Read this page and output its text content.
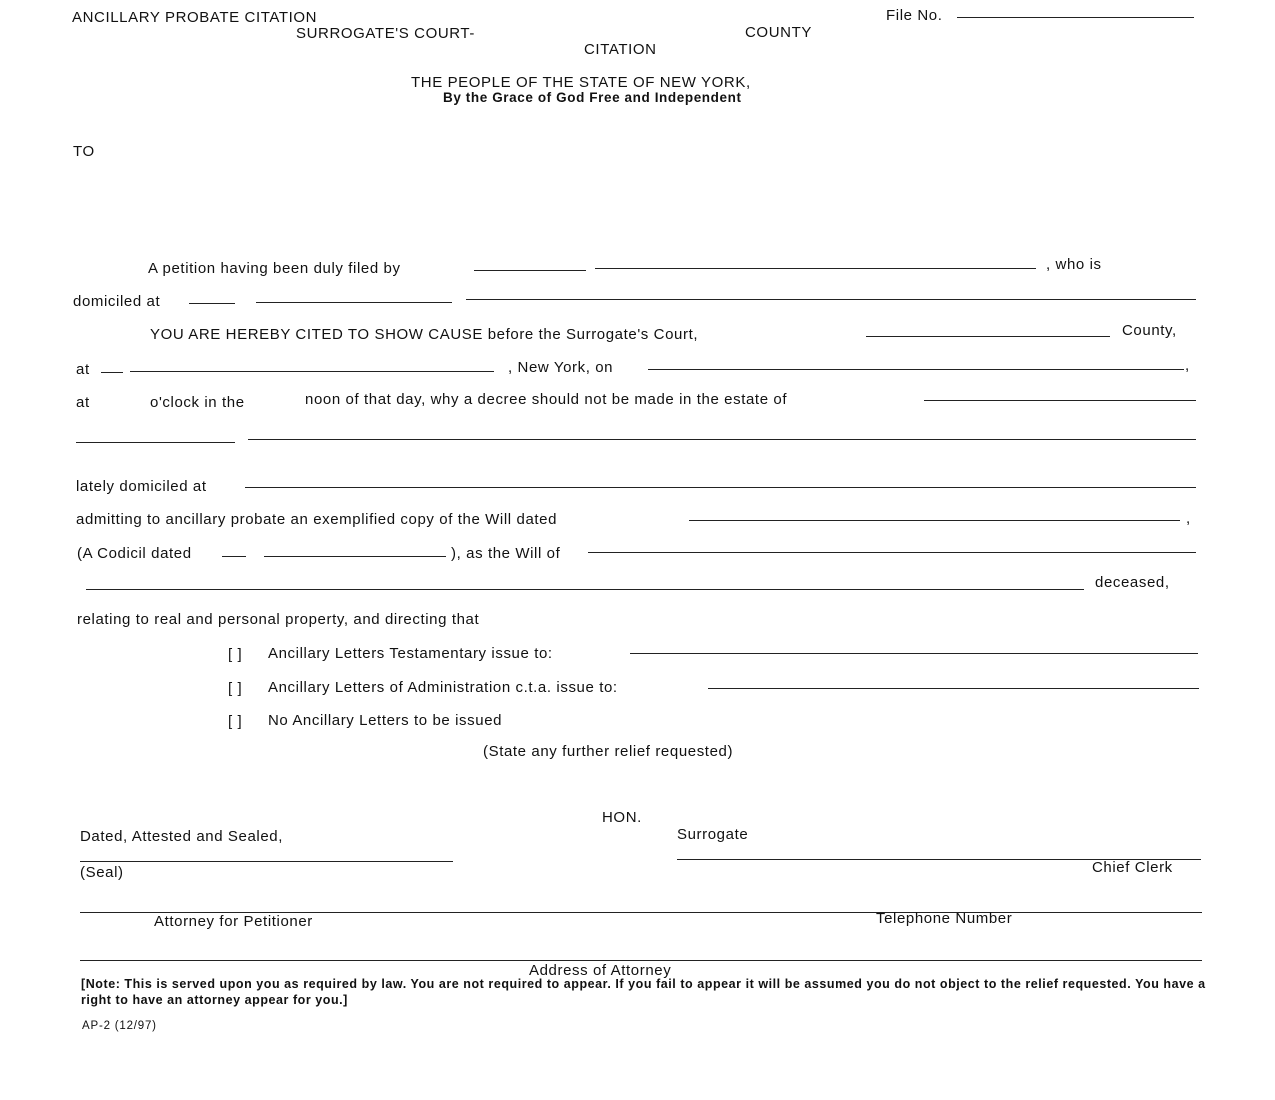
ANCILLARY PROBATE CITATION
SURROGATE'S COURT-	COUNTY
CITATION
File No.
THE PEOPLE OF THE STATE OF NEW YORK,
By the Grace of God Free and Independent
TO
A petition having been duly filed by	, who is
domiciled at
YOU ARE HEREBY CITED TO SHOW CAUSE before the Surrogate's Court,	County,
at	, New York, on	,
at	o'clock in the	noon of that day, why a decree should not be made in the estate of
lately domiciled at
admitting to ancillary probate an exemplified copy of the Will dated	,
(A Codicil dated	), as the Will of
deceased,
relating to real and personal property, and directing that
[ ] Ancillary Letters Testamentary issue to:
[ ] Ancillary Letters of Administration c.t.a. issue to:
[ ] No Ancillary Letters to be issued
(State any further relief requested)
HON.
Dated, Attested and Sealed,	Surrogate
(Seal)	Chief Clerk
Attorney for Petitioner	Telephone Number
Address of Attorney
[Note: This is served upon you as required by law. You are not required to appear. If you fail to appear it will be assumed you do not object to the relief requested. You have a right to have an attorney appear for you.]
AP-2 (12/97)
